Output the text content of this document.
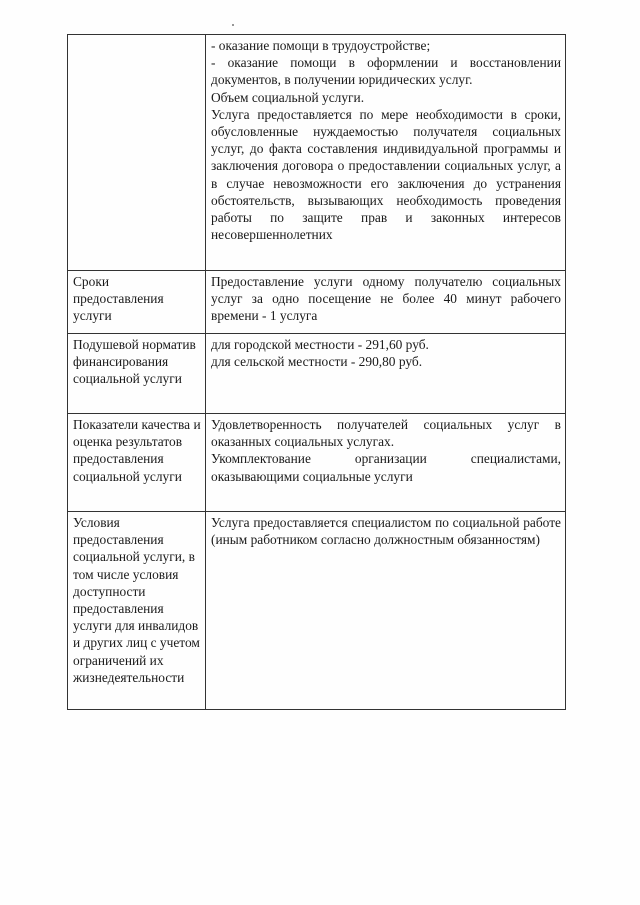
	- оказание помощи в трудоустройстве;

- оказание помощи в оформлении и восстановлении документов, в получении юридических услуг.

Объем социальной услуги.

Услуга предоставляется по мере необходимости в сроки, обусловленные нуждаемостью получателя социальных услуг, до факта составления индивидуальной программы и заключения договора о предоставлении социальных услуг, а в случае невозможности его заключения до устранения обстоятельств, вызывающих необходимость проведения работы по защите прав и законных интересов несовершеннолетних

Сроки предоставления услуги	Предоставление услуги одному получателю социальных услуг за одно посещение не более 40 минут рабочего времени - 1 услуга

Подушевой норматив финансирования социальной услуги	для городской местности - 291,60 руб.

для сельской местности - 290,80 руб.

Показатели качества и оценка результатов предоставления социальной услуги	Удовлетворенность получателей социальных услуг в оказанных социальных услугах.

Укомплектование организации специалистами, оказывающими социальные услуги

Условия предоставления социальной услуги, в том числе условия доступности предоставления услуги для инвалидов и других лиц с учетом ограничений их жизнедеятельности	Услуга предоставляется специалистом по социальной работе (иным работником согласно должностным обязанностям)
